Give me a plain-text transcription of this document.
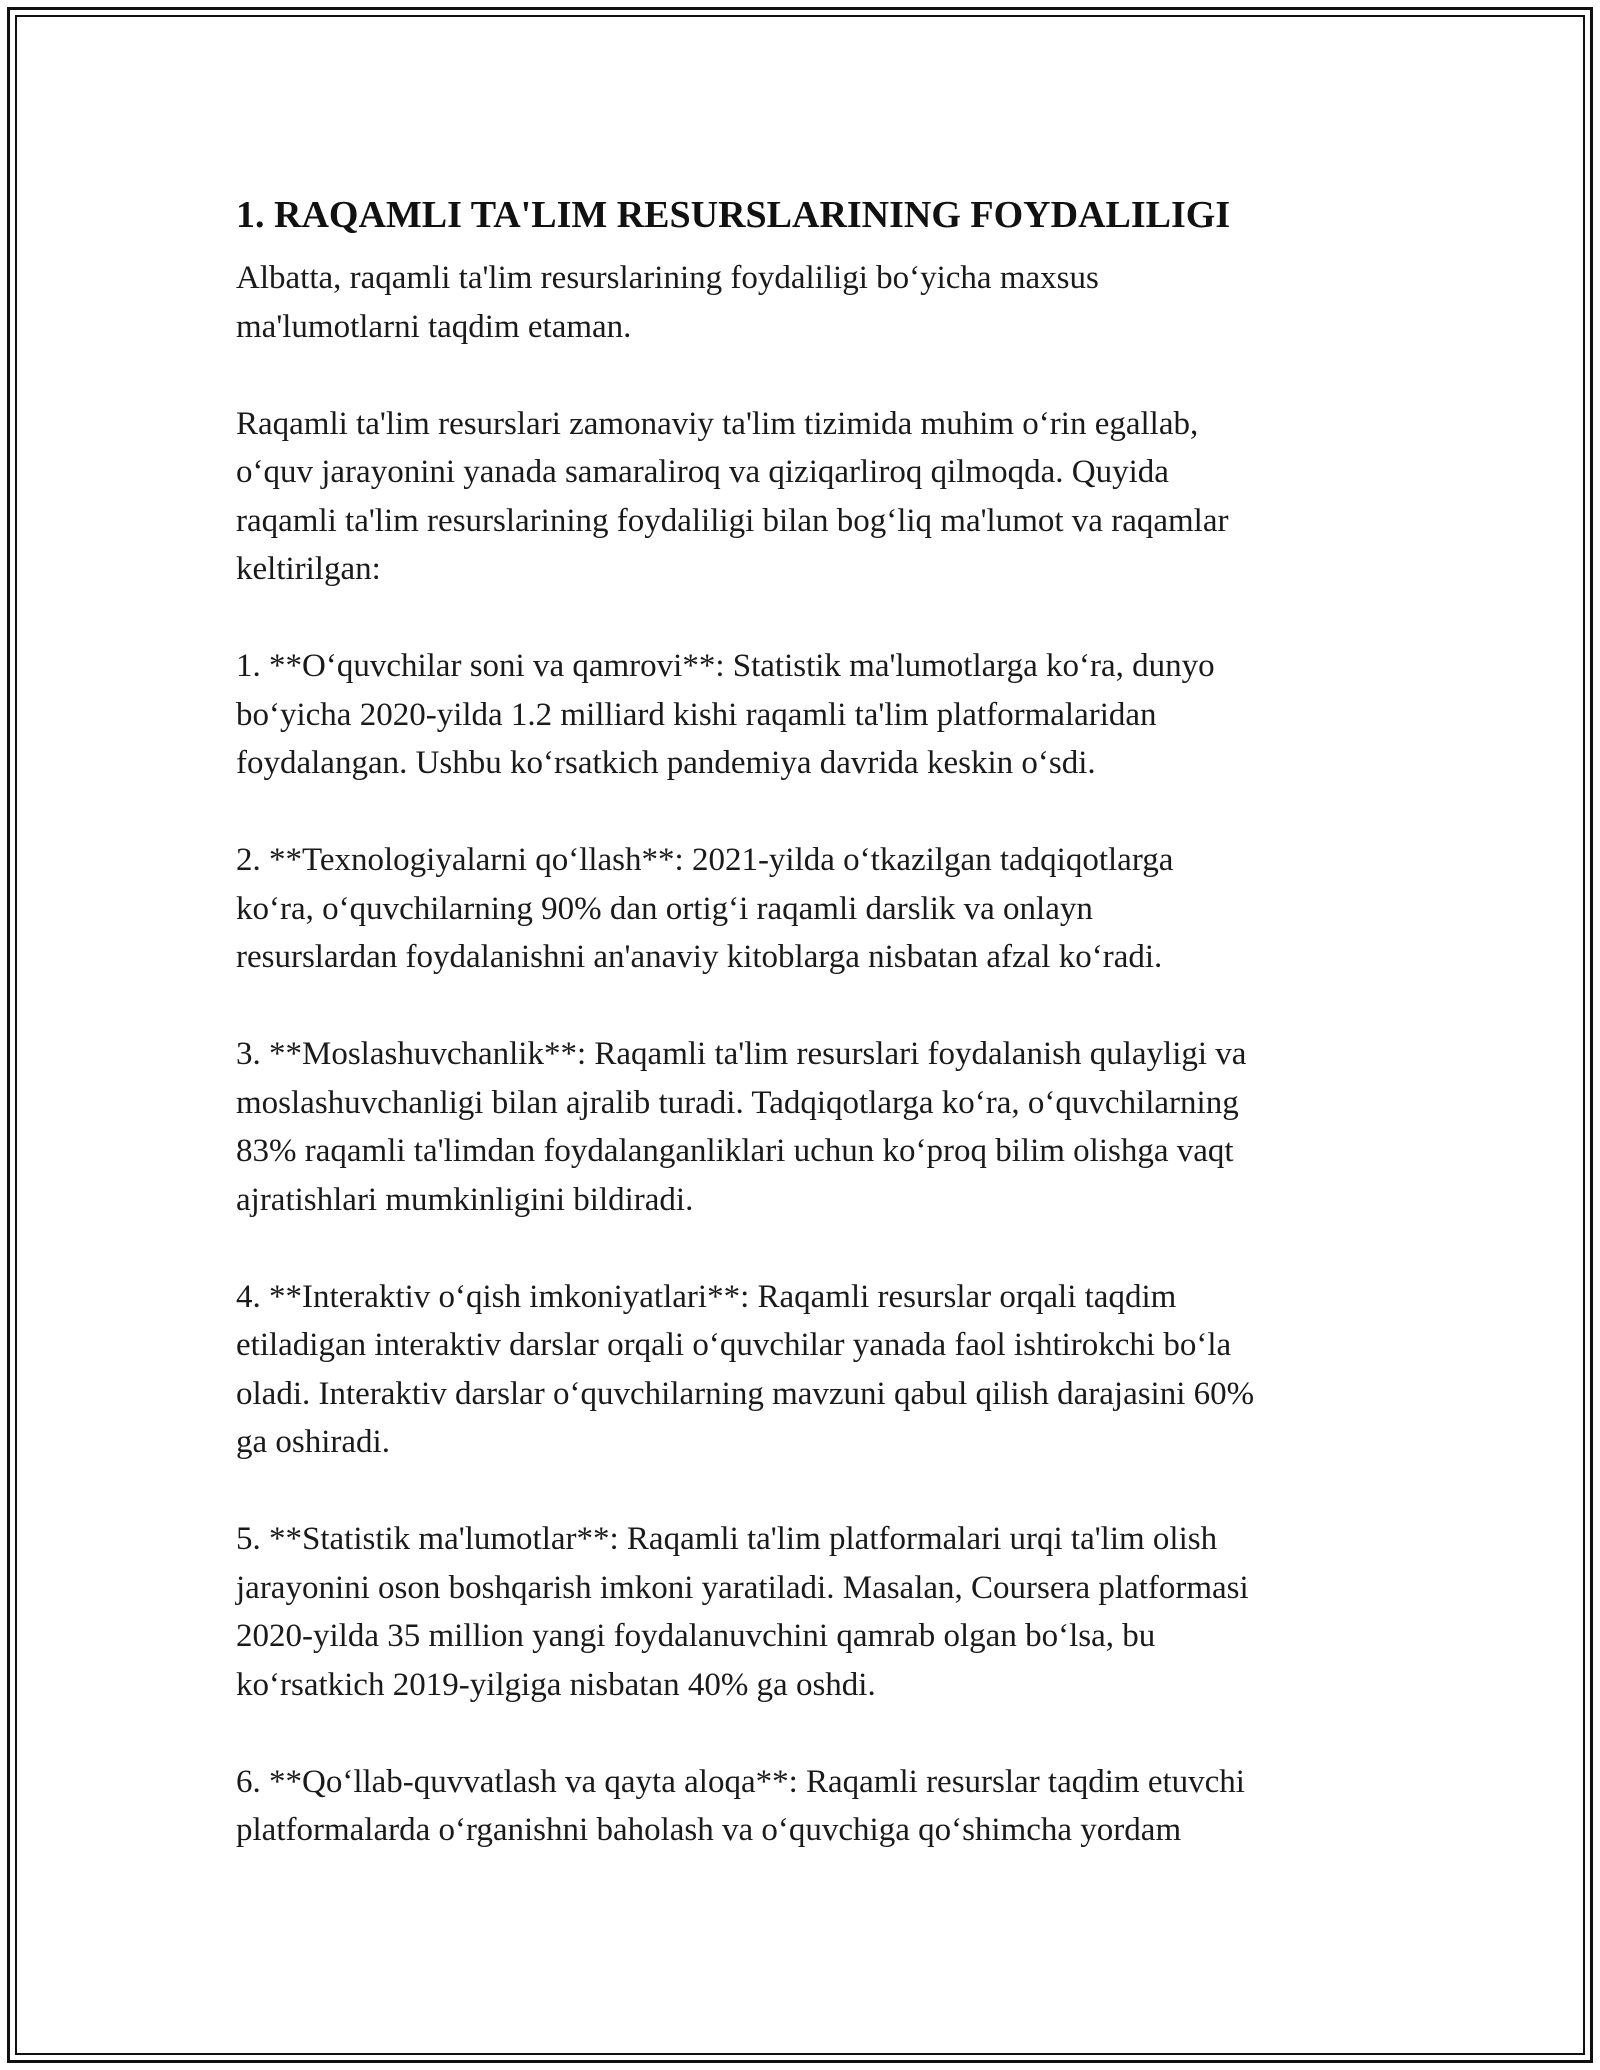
1. RAQAMLI TA'LIM RESURSLARINING FOYDALILIGI

Albatta, raqamli ta'lim resurslarining foydaliligi bo‘yicha maxsus
ma'lumotlarni taqdim etaman.

Raqamli ta'lim resurslari zamonaviy ta'lim tizimida muhim o‘rin egallab,
o‘quv jarayonini yanada samaraliroq va qiziqarliroq qilmoqda. Quyida
raqamli ta'lim resurslarining foydaliligi bilan bog‘liq ma'lumot va raqamlar
keltirilgan:

1. **O‘quvchilar soni va qamrovi**: Statistik ma'lumotlarga ko‘ra, dunyo
bo‘yicha 2020-yilda 1.2 milliard kishi raqamli ta'lim platformalaridan
foydalangan. Ushbu ko‘rsatkich pandemiya davrida keskin o‘sdi.

2. **Texnologiyalarni qo‘llash**: 2021-yilda o‘tkazilgan tadqiqotlarga
ko‘ra, o‘quvchilarning 90% dan ortig‘i raqamli darslik va onlayn
resurslardan foydalanishni an'anaviy kitoblarga nisbatan afzal ko‘radi.

3. **Moslashuvchanlik**: Raqamli ta'lim resurslari foydalanish qulayligi va
moslashuvchanligi bilan ajralib turadi. Tadqiqotlarga ko‘ra, o‘quvchilarning
83% raqamli ta'limdan foydalanganliklari uchun ko‘proq bilim olishga vaqt
ajratishlari mumkinligini bildiradi.

4. **Interaktiv o‘qish imkoniyatlari**: Raqamli resurslar orqali taqdim
etiladigan interaktiv darslar orqali o‘quvchilar yanada faol ishtirokchi bo‘la
oladi. Interaktiv darslar o‘quvchilarning mavzuni qabul qilish darajasini 60%
ga oshiradi.

5. **Statistik ma'lumotlar**: Raqamli ta'lim platformalari urqi ta'lim olish
jarayonini oson boshqarish imkoni yaratiladi. Masalan, Coursera platformasi
2020-yilda 35 million yangi foydalanuvchini qamrab olgan bo‘lsa, bu
ko‘rsatkich 2019-yilgiga nisbatan 40% ga oshdi.

6. **Qo‘llab-quvvatlash va qayta aloqa**: Raqamli resurslar taqdim etuvchi
platformalarda o‘rganishni baholash va o‘quvchiga qo‘shimcha yordam
